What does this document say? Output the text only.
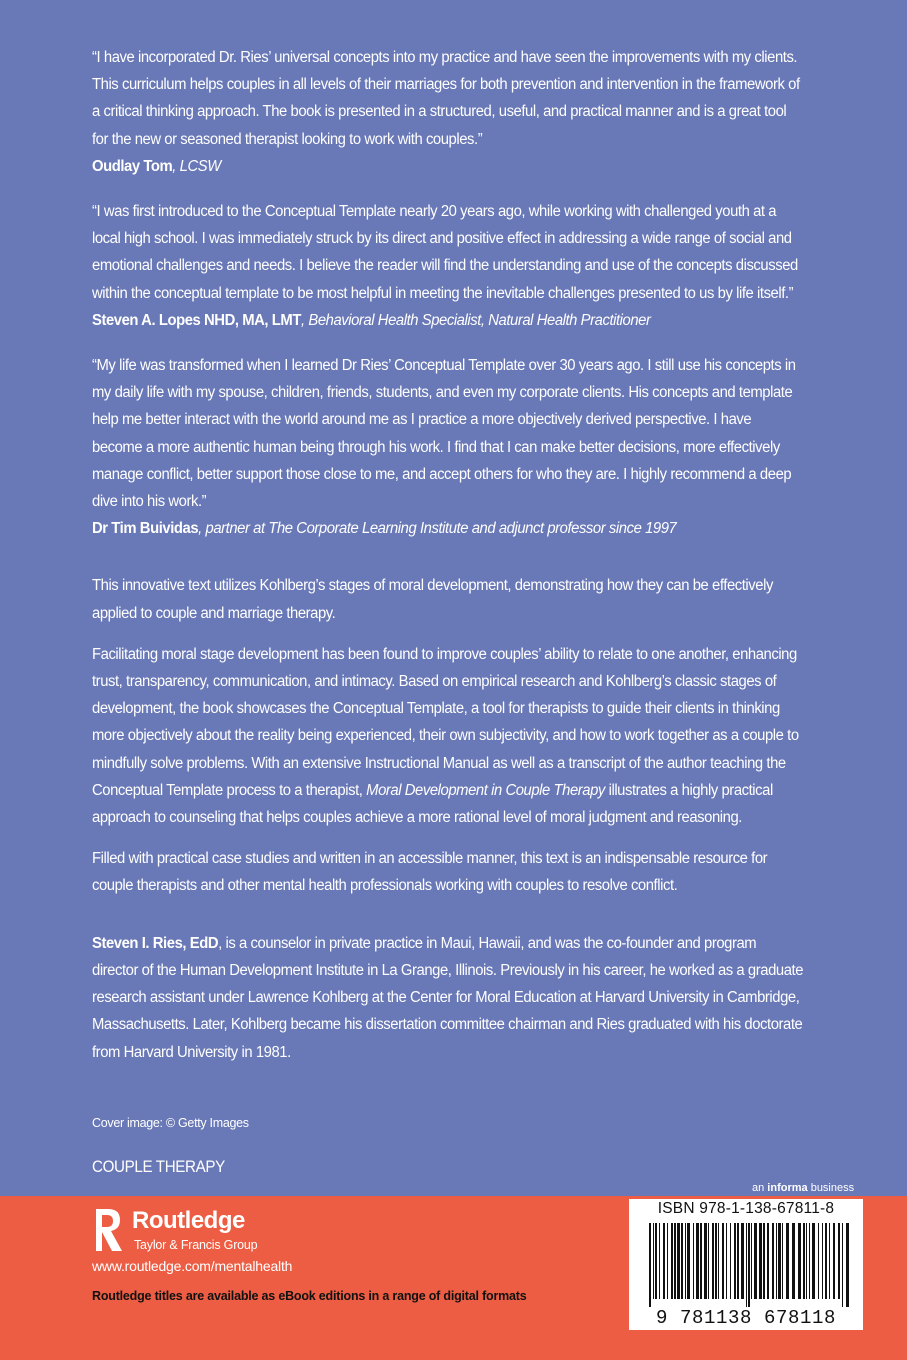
“I have incorporated Dr. Ries’ universal concepts into my practice and have seen the improvements with my clients. This curriculum helps couples in all levels of their marriages for both prevention and intervention in the framework of a critical thinking approach. The book is presented in a structured, useful, and practical manner and is a great tool for the new or seasoned therapist looking to work with couples.”

Oudlay Tom, LCSW

“I was first introduced to the Conceptual Template nearly 20 years ago, while working with challenged youth at a local high school. I was immediately struck by its direct and positive effect in addressing a wide range of social and emotional challenges and needs. I believe the reader will find the understanding and use of the concepts discussed within the conceptual template to be most helpful in meeting the inevitable challenges presented to us by life itself.”

Steven A. Lopes NHD, MA, LMT, Behavioral Health Specialist, Natural Health Practitioner

“My life was transformed when I learned Dr Ries’ Conceptual Template over 30 years ago. I still use his concepts in my daily life with my spouse, children, friends, students, and even my corporate clients. His concepts and template help me better interact with the world around me as I practice a more objectively derived perspective. I have become a more authentic human being through his work. I find that I can make better decisions, more effectively manage conflict, better support those close to me, and accept others for who they are. I highly recommend a deep dive into his work.”

Dr Tim Buividas, partner at The Corporate Learning Institute and adjunct professor since 1997

This innovative text utilizes Kohlberg’s stages of moral development, demonstrating how they can be effectively applied to couple and marriage therapy.

Facilitating moral stage development has been found to improve couples’ ability to relate to one another, enhancing trust, transparency, communication, and intimacy. Based on empirical research and Kohlberg’s classic stages of development, the book showcases the Conceptual Template, a tool for therapists to guide their clients in thinking more objectively about the reality being experienced, their own subjectivity, and how to work together as a couple to mindfully solve problems. With an extensive Instructional Manual as well as a transcript of the author teaching the Conceptual Template process to a therapist, Moral Development in Couple Therapy illustrates a highly practical approach to counseling that helps couples achieve a more rational level of moral judgment and reasoning.

Filled with practical case studies and written in an accessible manner, this text is an indispensable resource for couple therapists and other mental health professionals working with couples to resolve conflict.

Steven I. Ries, EdD, is a counselor in private practice in Maui, Hawaii, and was the co-founder and program director of the Human Development Institute in La Grange, Illinois. Previously in his career, he worked as a graduate research assistant under Lawrence Kohlberg at the Center for Moral Education at Harvard University in Cambridge, Massachusetts. Later, Kohlberg became his dissertation committee chairman and Ries graduated with his doctorate from Harvard University in 1981.

Cover image: © Getty Images
COUPLE THERAPY
an informa business
ROUTLEDGE Routledge
Taylor & Francis Group
www.routledge.com/mentalhealth
Routledge titles are available as eBook editions in a range of digital formats
ISBN 978-1-138-67811-8
9 781138 678118
